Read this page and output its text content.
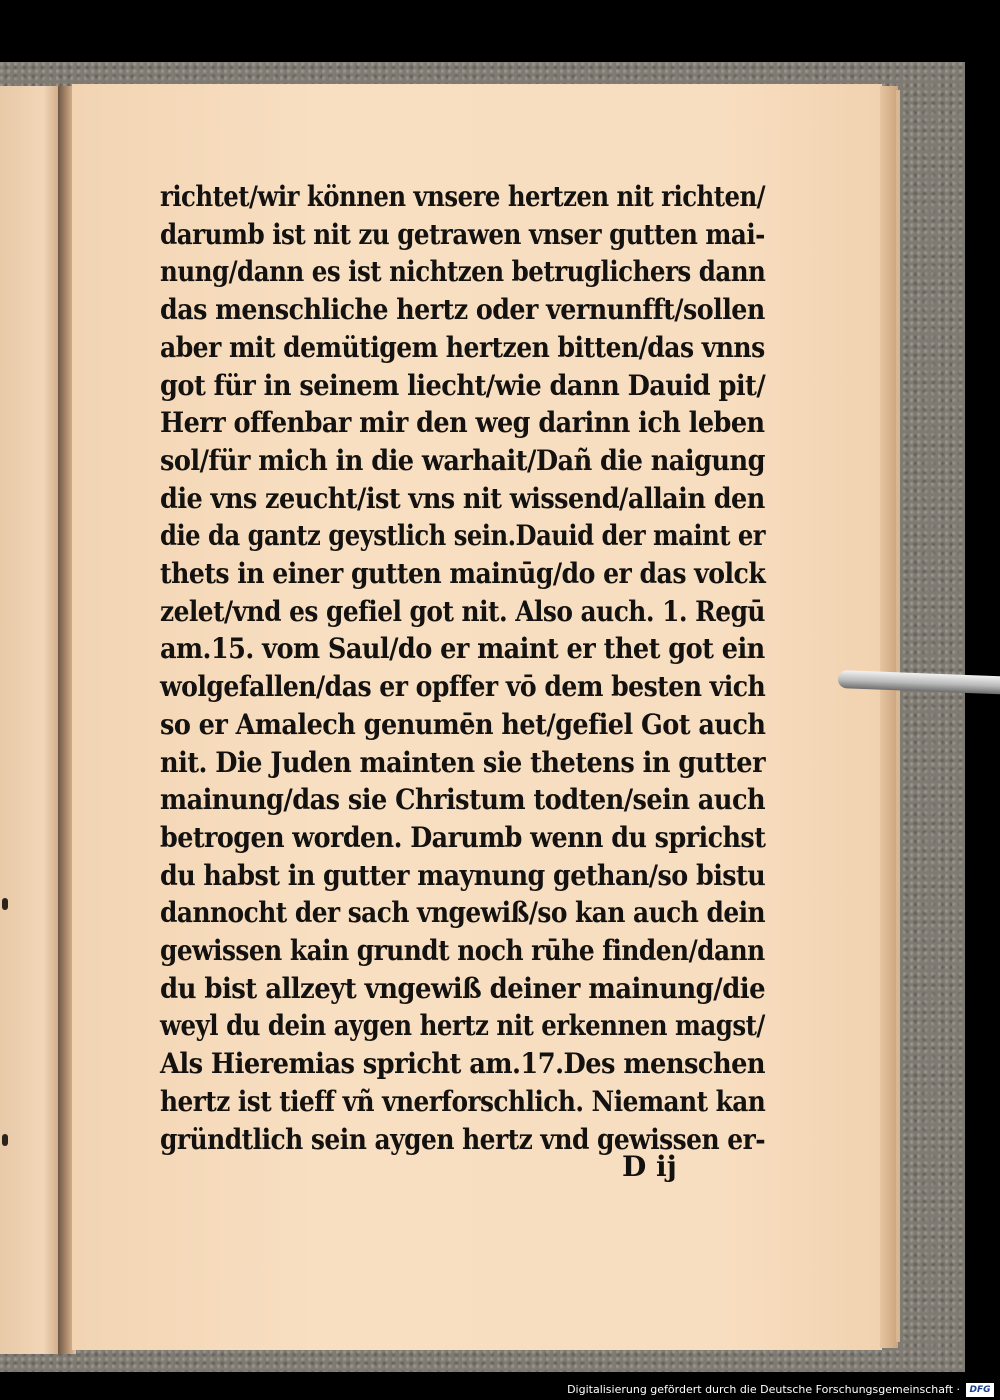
richtet/wir können vnsere hertzen nit richten/
darumb ist nit zu getrawen vnser gutten mai-
nung/dann es ist nichtzen betruglichers dann
das menschliche hertz oder vernunfft/sollen
aber mit demütigem hertzen bitten/das vnns
got für in seinem liecht/wie dann Dauid pit/
Herr offenbar mir den weg darinn ich leben
sol/für mich in die warhait/Dañ die naigung
die vns zeucht/ist vns nit wissend/allain den
die da gantz geystlich sein.Dauid der maint er
thets in einer gutten mainūg/do er das volck
zelet/vnd es gefiel got nit. Also auch. 1. Regū
am.15. vom Saul/do er maint er thet got ein
wolgefallen/das er opffer vō dem besten vich
so er Amalech genumēn het/gefiel Got auch
nit. Die Juden mainten sie thetens in gutter
mainung/das sie Christum todten/sein auch
betrogen worden. Darumb wenn du sprichst
du habst in gutter maynung gethan/so bistu
dannocht der sach vngewiß/so kan auch dein
gewissen kain grundt noch rūhe finden/dann
du bist allzeyt vngewiß deiner mainung/die
weyl du dein aygen hertz nit erkennen magst/
Als Hieremias spricht am.17.Des menschen
hertz ist tieff vñ vnerforschlich. Niemant kan
gründtlich sein aygen hertz vnd gewissen er-
D ij
Digitalisierung gefördert durch die Deutsche Forschungsgemeinschaft ·	DFG
